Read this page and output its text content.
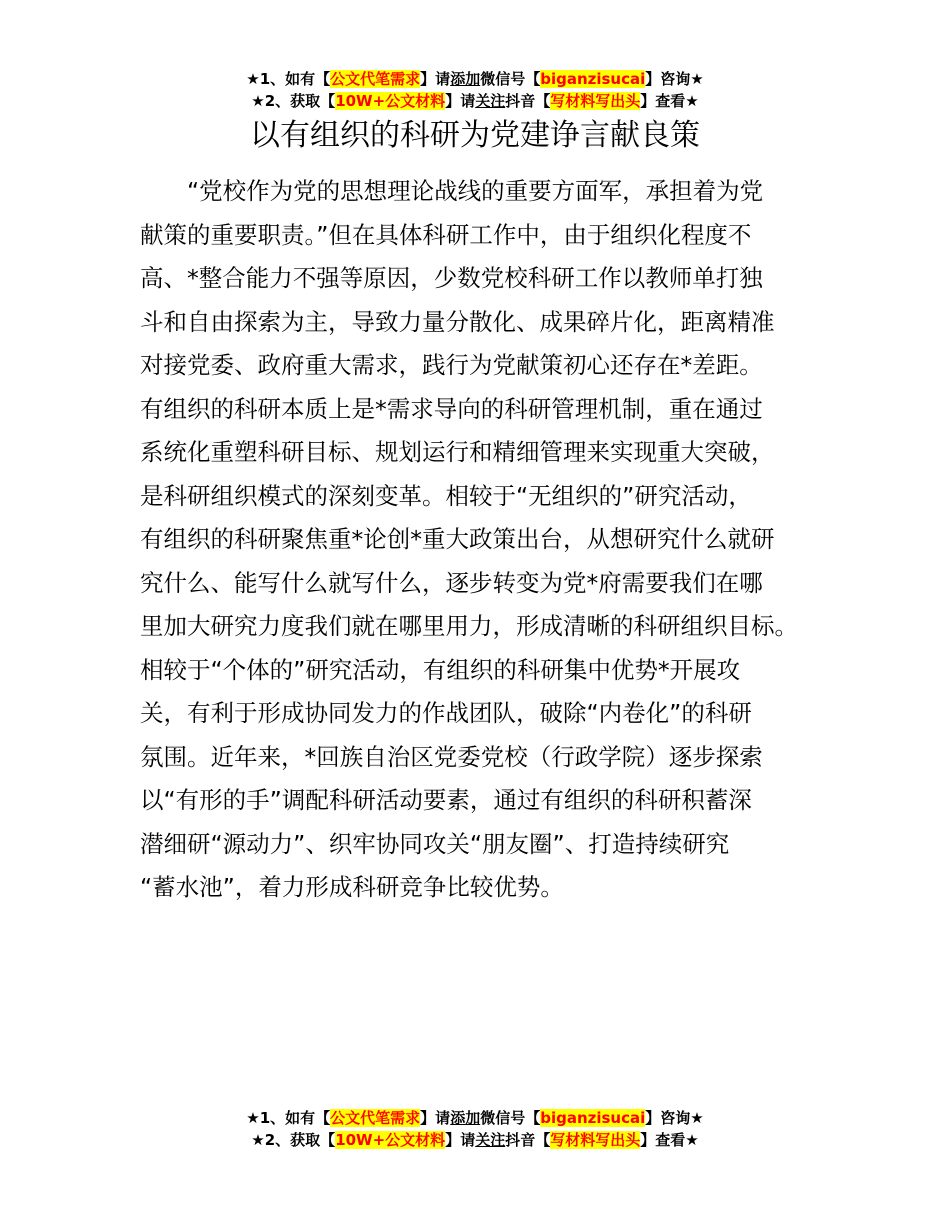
★1、如有【公文代笔需求】请添加微信号【biganzisucai】咨询★
★2、获取【10W+公文材料】请关注抖音【写材料写出头】查看★
以有组织的科研为党建诤言献良策

　　“党校作为党的思想理论战线的重要方面军，承担着为党
献策的重要职责。”但在具体科研工作中，由于组织化程度不
高、*整合能力不强等原因，少数党校科研工作以教师单打独
斗和自由探索为主，导致力量分散化、成果碎片化，距离精准
对接党委、政府重大需求，践行为党献策初心还存在*差距。
有组织的科研本质上是*需求导向的科研管理机制，重在通过
系统化重塑科研目标、规划运行和精细管理来实现重大突破，
是科研组织模式的深刻变革。相较于“无组织的”研究活动，
有组织的科研聚焦重*论创*重大政策出台，从想研究什么就研
究什么、能写什么就写什么，逐步转变为党*府需要我们在哪
里加大研究力度我们就在哪里用力，形成清晰的科研组织目标。
相较于“个体的”研究活动，有组织的科研集中优势*开展攻
关，有利于形成协同发力的作战团队，破除“内卷化”的科研
氛围。近年来，*回族自治区党委党校（行政学院）逐步探索
以“有形的手”调配科研活动要素，通过有组织的科研积蓄深
潜细研“源动力”、织牢协同攻关“朋友圈”、打造持续研究
“蓄水池”，着力形成科研竞争比较优势。

★1、如有【公文代笔需求】请添加微信号【biganzisucai】咨询★
★2、获取【10W+公文材料】请关注抖音【写材料写出头】查看★
